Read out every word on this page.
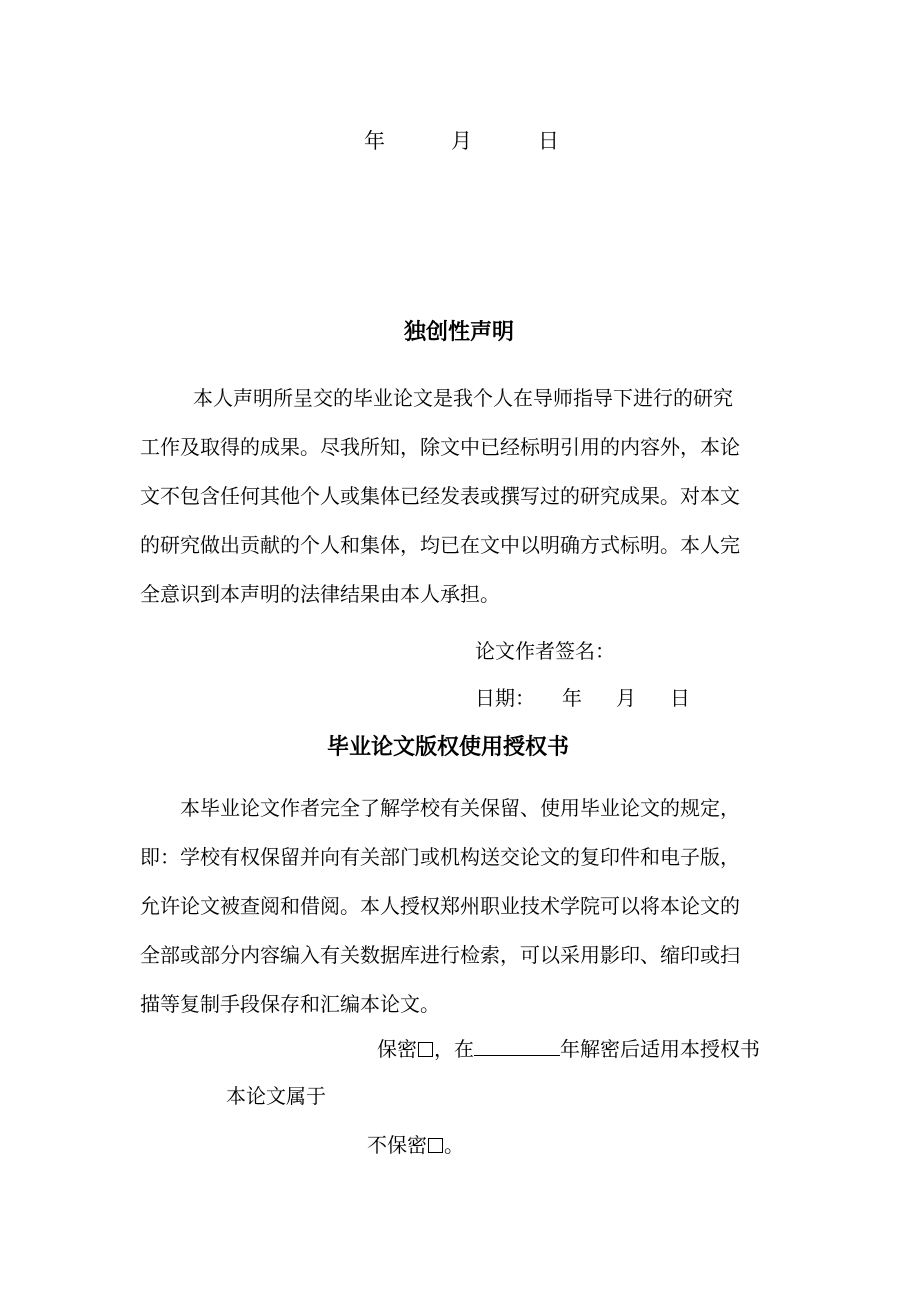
年	月	日
独创性声明
本人声明所呈交的毕业论文是我个人在导师指导下进行的研究
工作及取得的成果。尽我所知，除文中已经标明引用的内容外，本论
文不包含任何其他个人或集体已经发表或撰写过的研究成果。对本文
的研究做出贡献的个人和集体，均已在文中以明确方式标明。本人完
全意识到本声明的法律结果由本人承担。
论文作者签名：
日期： 年 月 日
毕业论文版权使用授权书
本毕业论文作者完全了解学校有关保留、使用毕业论文的规定，
即：学校有权保留并向有关部门或机构送交论文的复印件和电子版，
允许论文被查阅和借阅。本人授权郑州职业技术学院可以将本论文的
全部或部分内容编入有关数据库进行检索，可以采用影印、缩印或扫
描等复制手段保存和汇编本论文。
保密 ，在	年解密后适用本授权书
本论文属于
不保密 。
